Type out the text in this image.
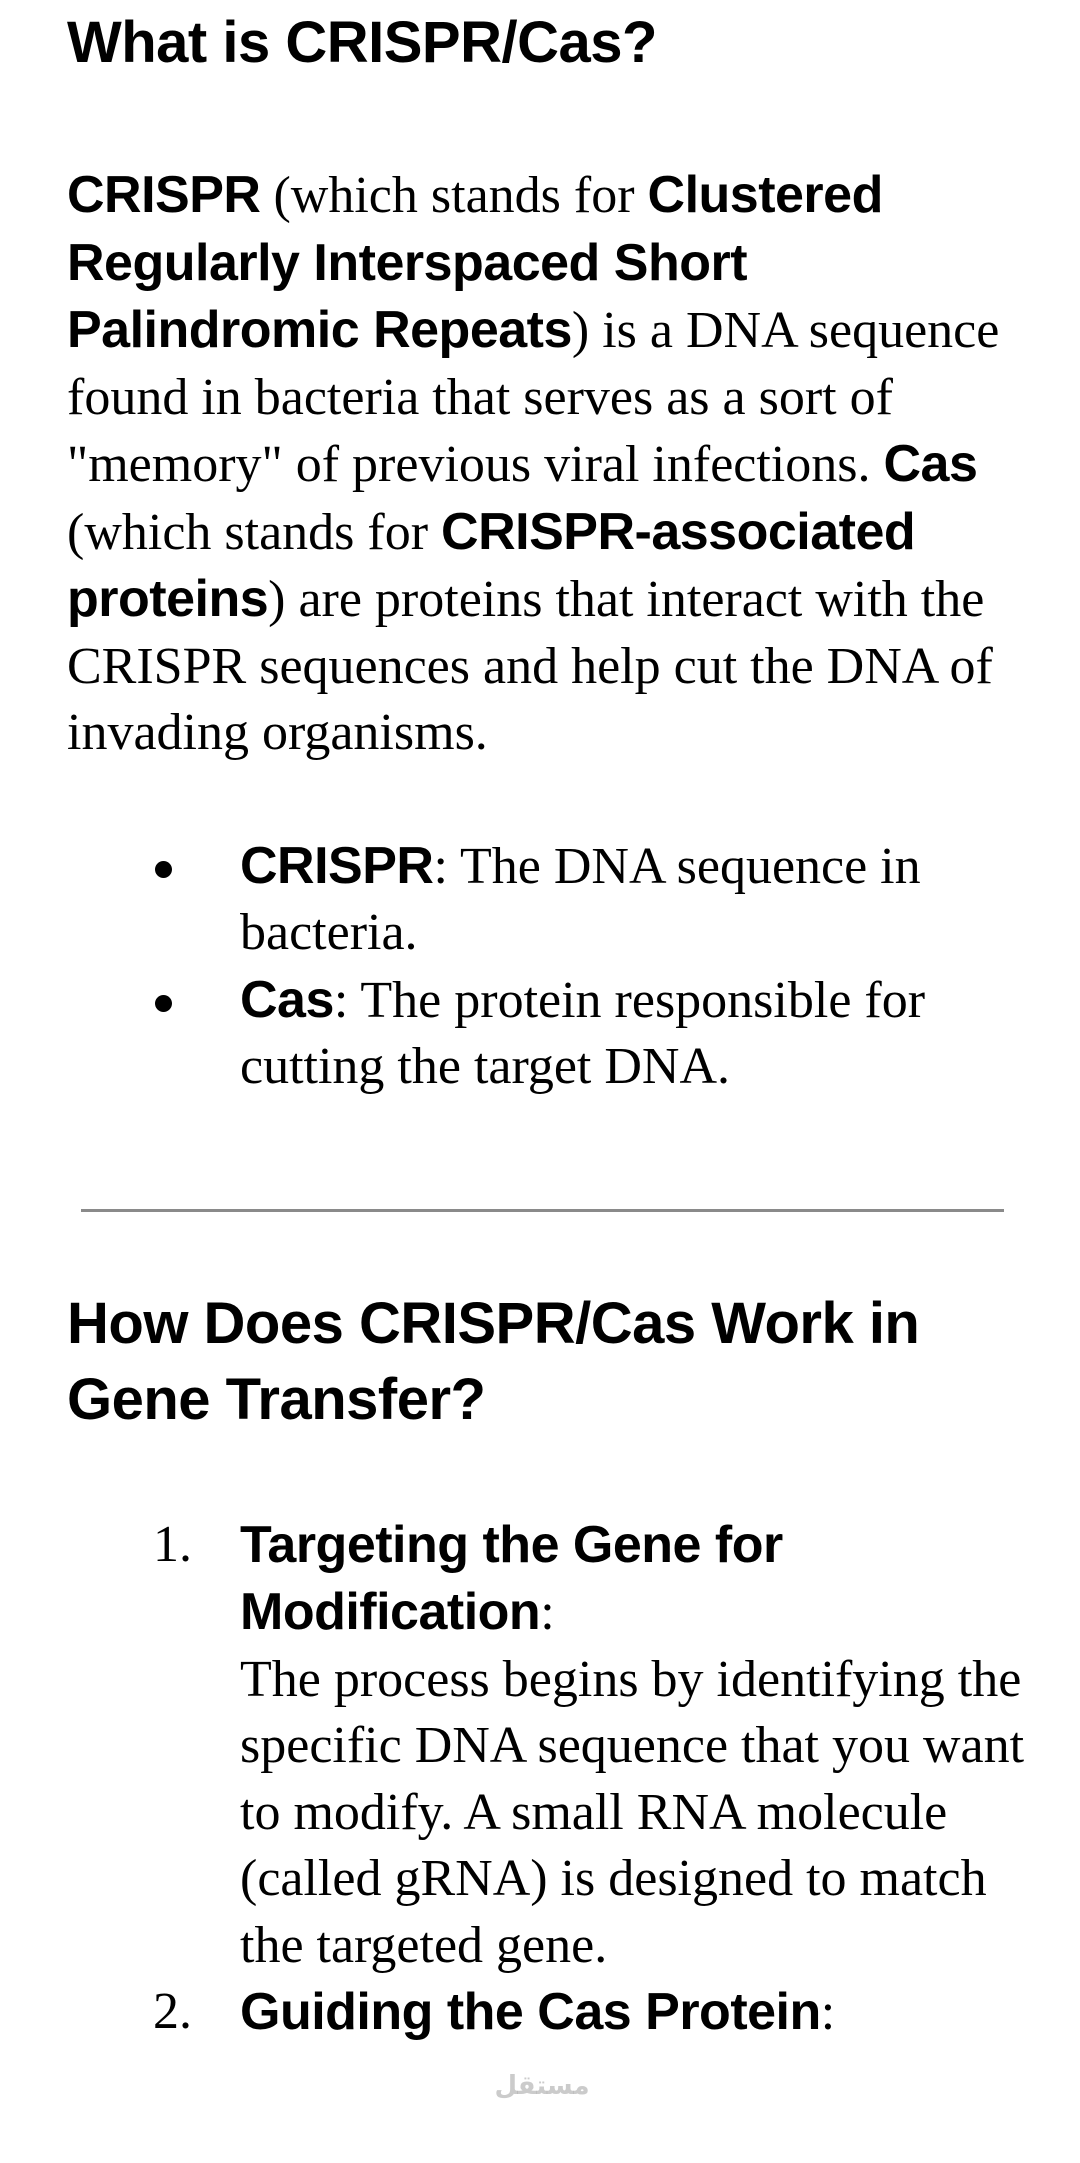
What is CRISPR/Cas?

CRISPR (which stands for Clustered Regularly Interspaced Short Palindromic Repeats) is a DNA sequence found in bacteria that serves as a sort of "memory" of previous viral infections. Cas (which stands for CRISPR-associated proteins) are proteins that interact with the CRISPR sequences and help cut the DNA of invading organisms.

CRISPR: The DNA sequence in bacteria.
Cas: The protein responsible for cutting the target DNA.
How Does CRISPR/Cas Work in Gene Transfer?
1. Targeting the Gene for Modification:
The process begins by identifying the specific DNA sequence that you want to modify. A small RNA molecule (called gRNA) is designed to match the targeted gene.
2. Guiding the Cas Protein:
مستقل
